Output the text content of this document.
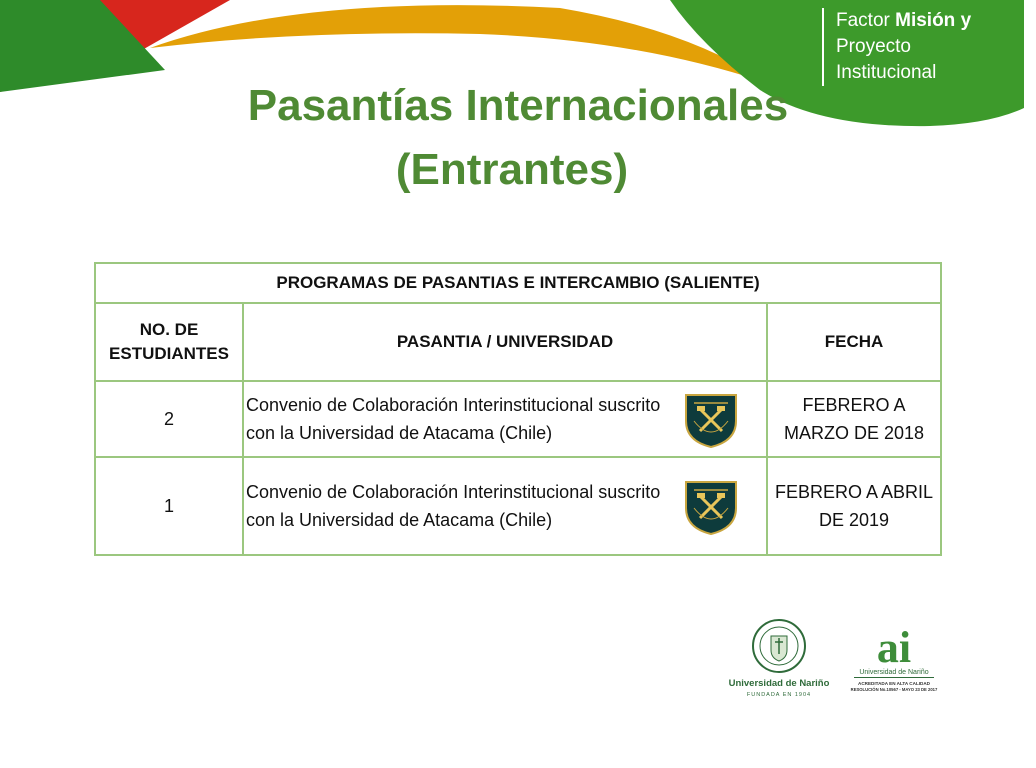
Factor Misión y
Proyecto
Institucional
Pasantías Internacionales
(Entrantes)
PROGRAMAS DE PASANTIAS E INTERCAMBIO (SALIENTE)		
NO. DE ESTUDIANTES	PASANTIA / UNIVERSIDAD	FECHA
2	Convenio de Colaboración Interinstitucional suscrito con la Universidad de Atacama (Chile)	FEBRERO A MARZO DE 2018
1	Convenio de Colaboración Interinstitucional suscrito con la Universidad de Atacama (Chile)	FEBRERO A ABRIL DE 2019
Universidad de Nariño
FUNDADA EN 1904
ai
Universidad de Nariño
ACREDITADA EN ALTA CALIDAD
RESOLUCIÓN No.10567 - MAYO 23 DE 2017
